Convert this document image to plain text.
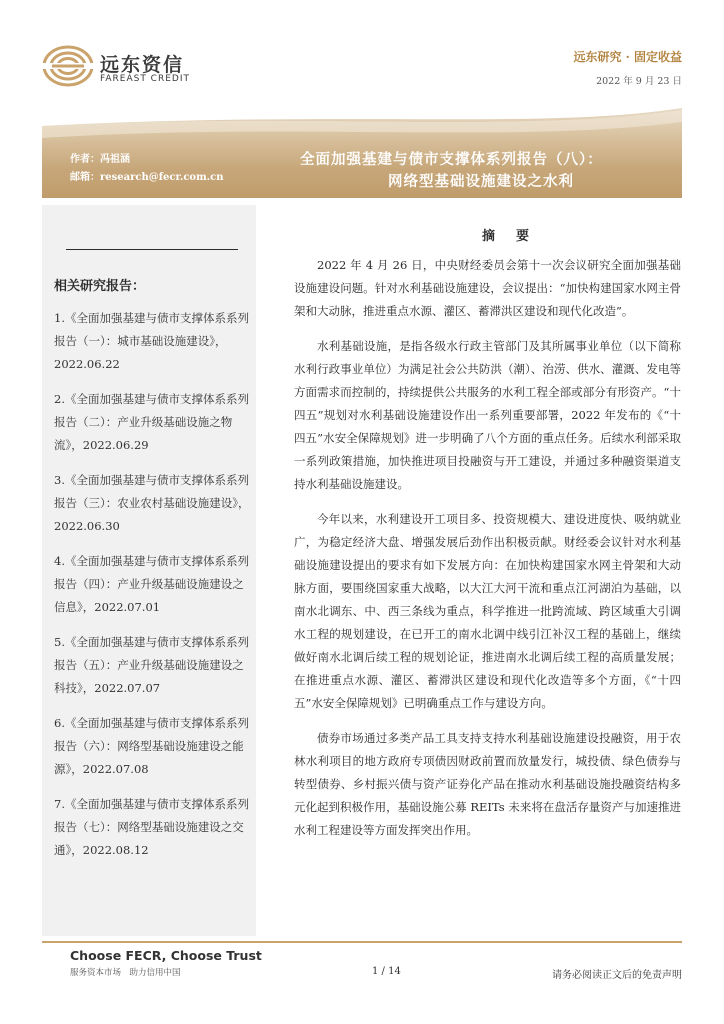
远东资信
FAREAST CREDIT
远东研究 · 固定收益
2022 年 9 月 23 日
作者：冯祖涵
邮箱：research@fecr.com.cn
全面加强基建与债市支撑体系列报告（八）：
网络型基础设施建设之水利
相关研究报告：
1.《全面加强基建与债市支撑体系系列报告（一）：城市基础设施建设》，2022.06.22
2.《全面加强基建与债市支撑体系系列报告（二）：产业升级基础设施之物流》，2022.06.29
3.《全面加强基建与债市支撑体系系列报告（三）：农业农村基础设施建设》，2022.06.30
4.《全面加强基建与债市支撑体系系列报告（四）：产业升级基础设施建设之信息》，2022.07.01
5.《全面加强基建与债市支撑体系系列报告（五）：产业升级基础设施建设之科技》，2022.07.07
6.《全面加强基建与债市支撑体系系列报告（六）：网络型基础设施建设之能源》，2022.07.08
7.《全面加强基建与债市支撑体系系列报告（七）：网络型基础设施建设之交通》，2022.08.12
摘　要

2022 年 4 月 26 日，中央财经委员会第十一次会议研究全面加强基础设施建设问题。针对水利基础设施建设，会议提出：“加快构建国家水网主骨架和大动脉，推进重点水源、灌区、蓄滞洪区建设和现代化改造”。

水利基础设施，是指各级水行政主管部门及其所属事业单位（以下简称水利行政事业单位）为满足社会公共防洪（潮）、治涝、供水、灌溉、发电等方面需求而控制的，持续提供公共服务的水利工程全部或部分有形资产。“十四五”规划对水利基础设施建设作出一系列重要部署，2022 年发布的《“十四五”水安全保障规划》进一步明确了八个方面的重点任务。后续水利部采取一系列政策措施，加快推进项目投融资与开工建设，并通过多种融资渠道支持水利基础设施建设。

今年以来，水利建设开工项目多、投资规模大、建设进度快、吸纳就业广，为稳定经济大盘、增强发展后劲作出积极贡献。财经委会议针对水利基础设施建设提出的要求有如下发展方向：在加快构建国家水网主骨架和大动脉方面，要围绕国家重大战略，以大江大河干流和重点江河湖泊为基础，以南水北调东、中、西三条线为重点，科学推进一批跨流域、跨区域重大引调水工程的规划建设，在已开工的南水北调中线引江补汉工程的基础上，继续做好南水北调后续工程的规划论证，推进南水北调后续工程的高质量发展；在推进重点水源、灌区、蓄滞洪区建设和现代化改造等多个方面，《“十四五”水安全保障规划》已明确重点工作与建设方向。

债券市场通过多类产品工具支持支持水利基础设施建设投融资，用于农林水利项目的地方政府专项债因财政前置而放量发行，城投债、绿色债券与转型债券、乡村振兴债与资产证券化产品在推动水利基础设施投融资结构多元化起到积极作用，基础设施公募 REITs 未来将在盘活存量资产与加速推进水利工程建设等方面发挥突出作用。

Choose FECR, Choose Trust
服务资本市场　助力信用中国	1 / 14	请务必阅读正文后的免责声明
